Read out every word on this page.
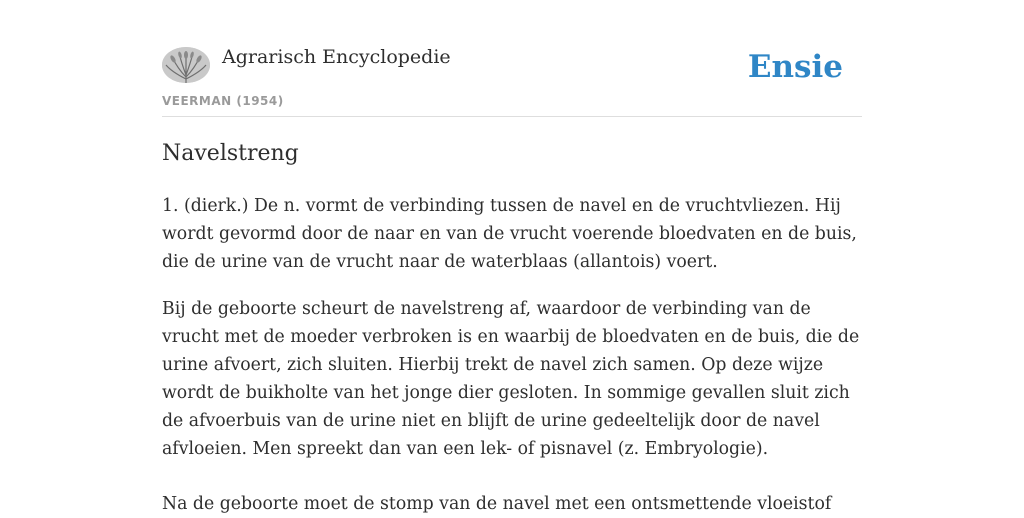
Agrarisch Encyclopedie
VEERMAN (1954)
Ensie
Navelstreng

1. (dierk.) De n. vormt de verbinding tussen de navel en de vruchtvliezen. Hij wordt gevormd door de naar en van de vrucht voerende bloedvaten en de buis, die de urine van de vrucht naar de waterblaas (allantois) voert.

Bij de geboorte scheurt de navelstreng af, waardoor de verbinding van de vrucht met de moeder verbroken is en waarbij de bloedvaten en de buis, die de urine afvoert, zich sluiten. Hierbij trekt de navel zich samen. Op deze wijze wordt de buikholte van het jonge dier gesloten. In sommige gevallen sluit zich de afvoerbuis van de urine niet en blijft de urine gedeeltelijk door de navel afvloeien. Men spreekt dan van een lek- of pisnavel (z. Embryologie).

Na de geboorte moet de stomp van de navel met een ontsmettende vloeistof
